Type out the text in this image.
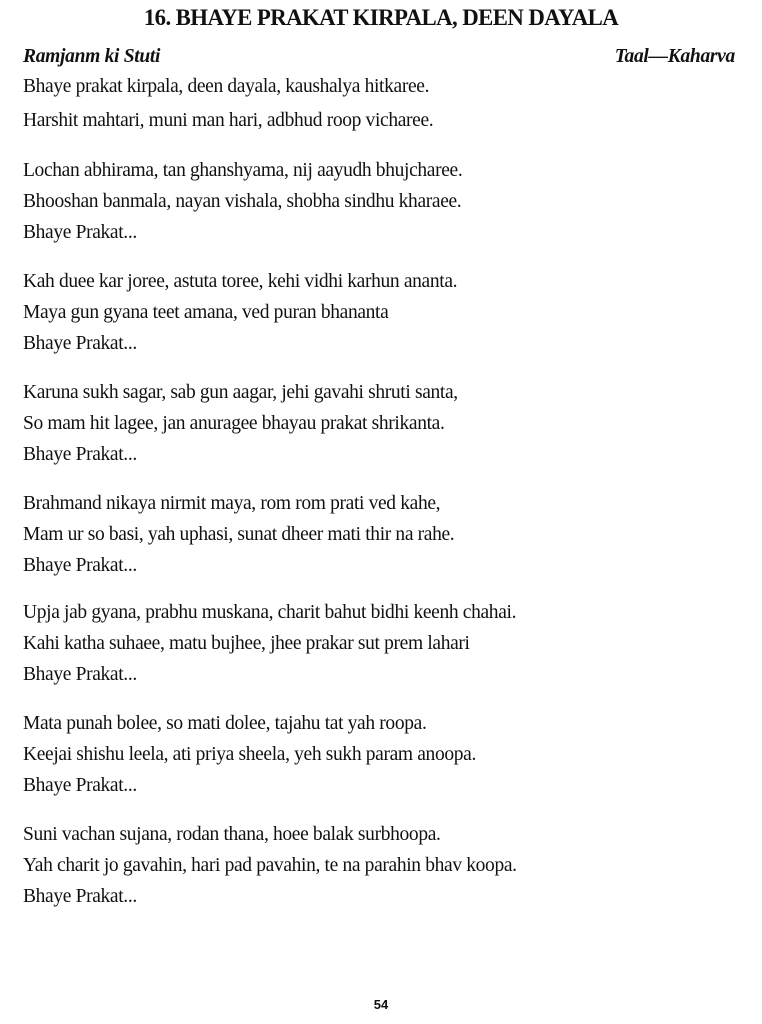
16. BHAYE PRAKAT KIRPALA, DEEN DAYALA
Ramjanm ki Stuti	Taal—Kaharva
Bhaye prakat kirpala, deen dayala, kaushalya hitkaree.
Harshit mahtari, muni man hari, adbhud roop vicharee.
Lochan abhirama, tan ghanshyama, nij aayudh bhujcharee.
Bhooshan banmala, nayan vishala, shobha sindhu kharaee.
Bhaye Prakat...
Kah duee kar joree, astuta toree, kehi vidhi karhun ananta.
Maya gun gyana teet amana, ved puran bhananta
Bhaye Prakat...
Karuna sukh sagar, sab gun aagar, jehi gavahi shruti santa,
So mam hit lagee, jan anuragee bhayau prakat shrikanta.
Bhaye Prakat...
Brahmand nikaya nirmit maya, rom rom prati ved kahe,
Mam ur so basi, yah uphasi, sunat dheer mati thir na rahe.
Bhaye Prakat...
Upja jab gyana, prabhu muskana, charit bahut bidhi keenh chahai.
Kahi katha suhaee, matu bujhee, jhee prakar sut prem lahari
Bhaye Prakat...
Mata punah bolee, so mati dolee, tajahu tat yah roopa.
Keejai shishu leela, ati priya sheela, yeh sukh param anoopa.
Bhaye Prakat...
Suni vachan sujana, rodan thana, hoee balak surbhoopa.
Yah charit jo gavahin, hari pad pavahin, te na parahin bhav koopa.
Bhaye Prakat...
54
